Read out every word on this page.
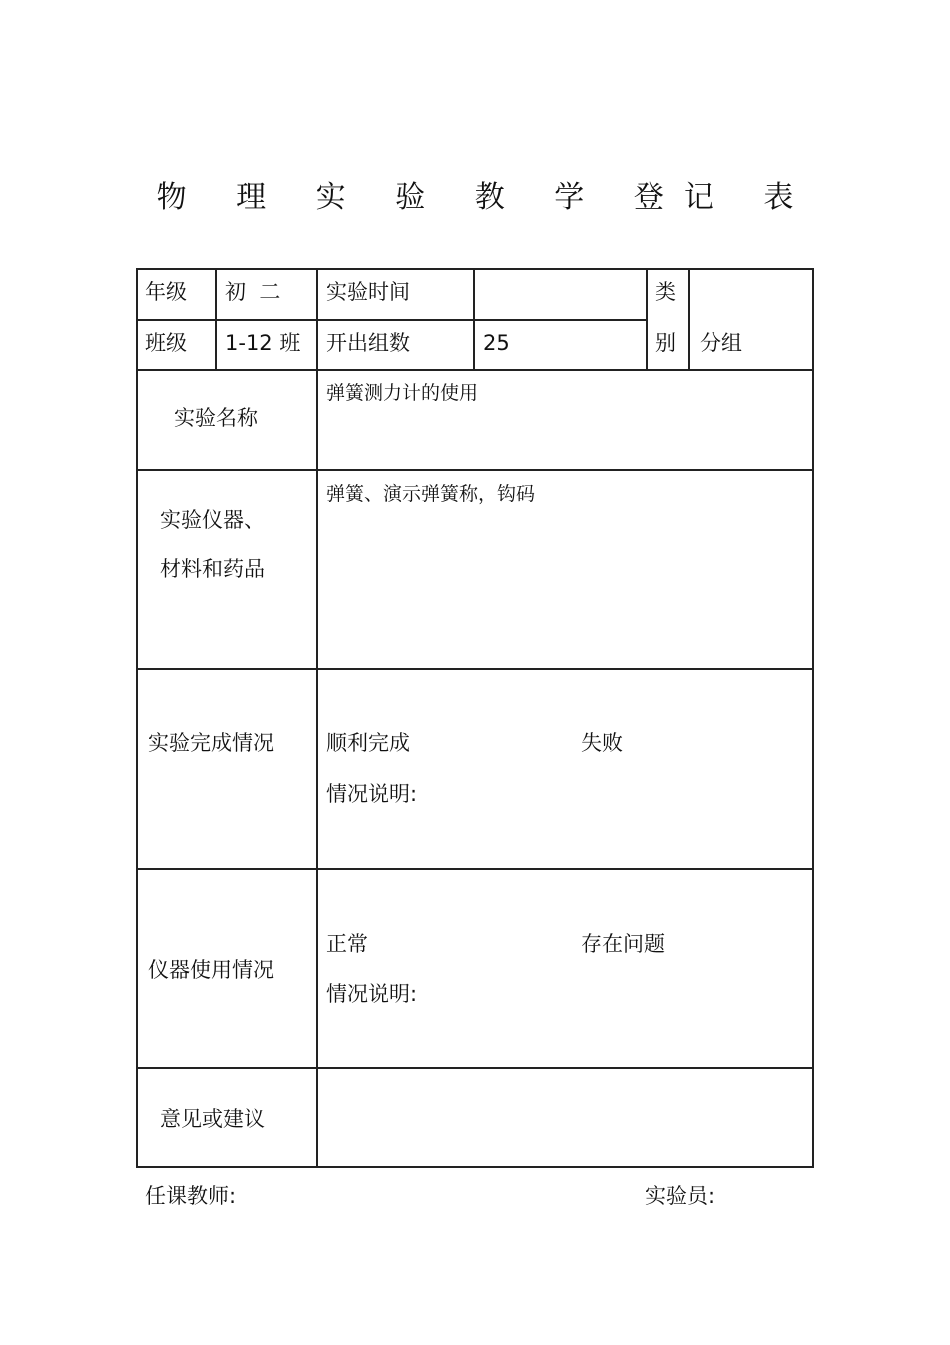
物 理 实 验 教 学 登记 表
年级 初  二 实验时间	类
班级 1-12 班 开出组数	25	别 分组
实验名称
弹簧测力计的使用
实验仪器、
材料和药品
弹簧、演示弹簧称，钩码
实验完成情况 顺利完成	失败
情况说明:
仪器使用情况
正常	存在问题
情况说明:
意见或建议
任课教师:	实验员:
